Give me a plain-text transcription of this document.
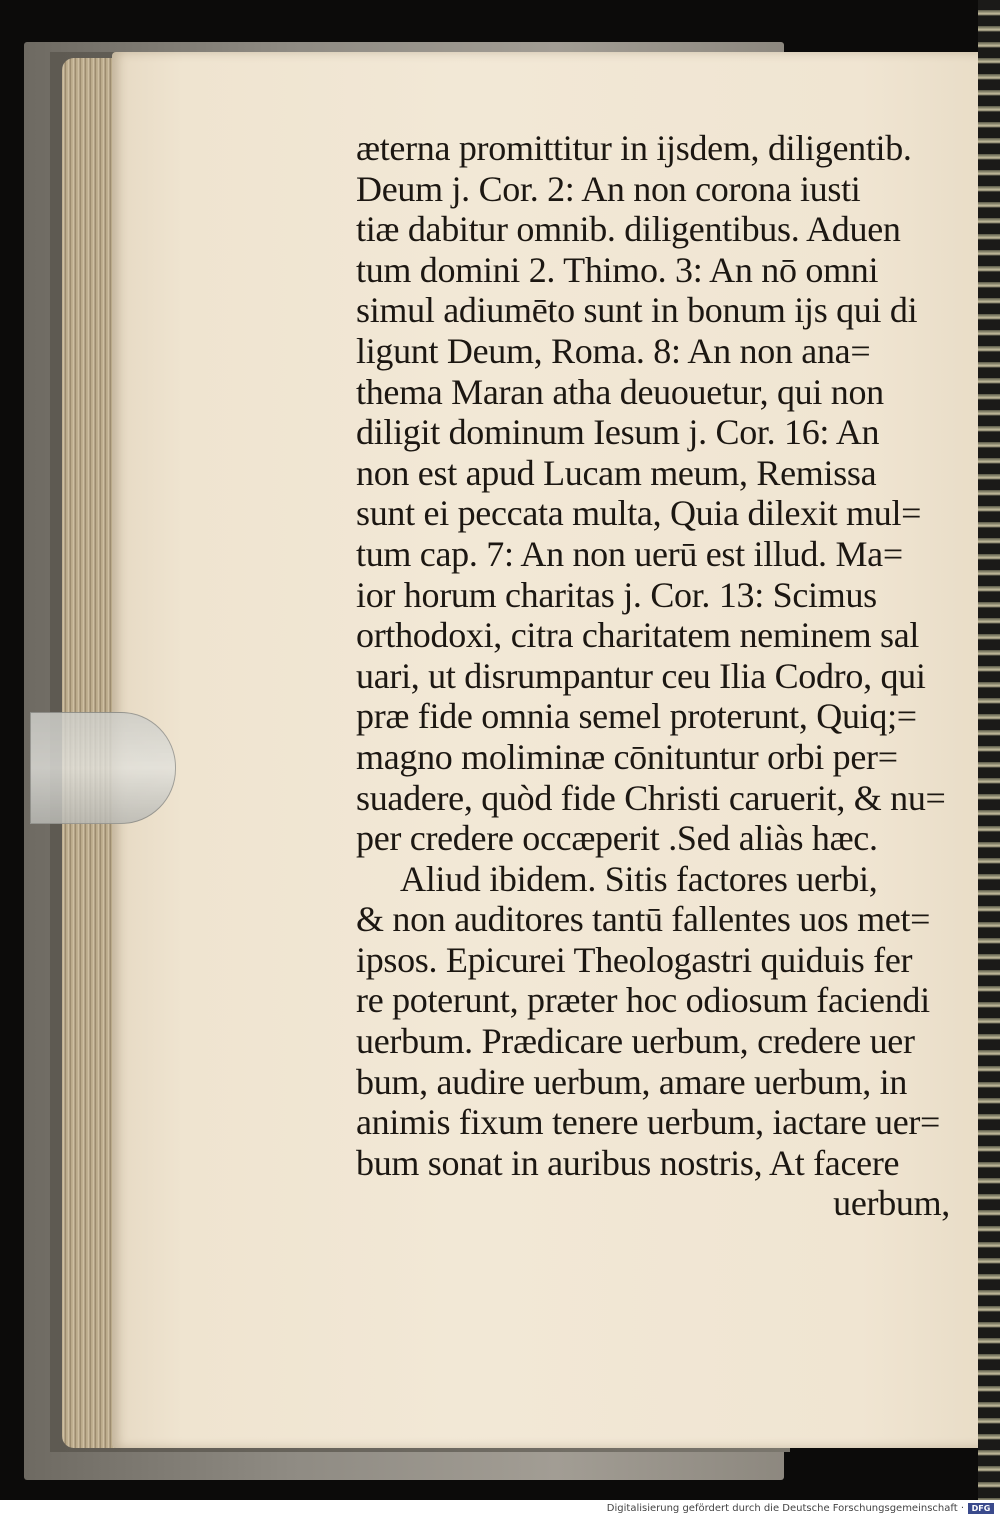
æterna promittitur in ijsdem, diligentib.
Deum j. Cor. 2: An non corona iusti
tiæ dabitur omnib. diligentibus. Aduen
tum domini 2. Thimo. 3: An nō omni
simul adiumēto sunt in bonum ijs qui di
ligunt Deum, Roma. 8: An non ana=
thema Maran atha deuouetur, qui non
diligit dominum Iesum j. Cor. 16: An
non est apud Lucam meum, Remissa
sunt ei peccata multa, Quia dilexit mul=
tum cap. 7: An non uerū est illud. Ma=
ior horum charitas j. Cor. 13: Scimus
orthodoxi, citra charitatem neminem sal
uari, ut disrumpantur ceu Ilia Codro, qui
præ fide omnia semel proterunt, Quiq;=
magno moliminæ cōnituntur orbi per=
suadere, quòd fide Christi caruerit, & nu=
per credere occæperit .Sed aliàs hæc.
Aliud ibidem. Sitis factores uerbi,
& non auditores tantū fallentes uos met=
ipsos. Epicurei Theologastri quiduis fer
re poterunt, præter hoc odiosum faciendi
uerbum. Prædicare uerbum, credere uer
bum, audire uerbum, amare uerbum, in
animis fixum tenere uerbum, iactare uer=
bum sonat in auribus nostris, At facere
uerbum,
Digitalisierung gefördert durch die Deutsche Forschungsgemeinschaft · DFG
